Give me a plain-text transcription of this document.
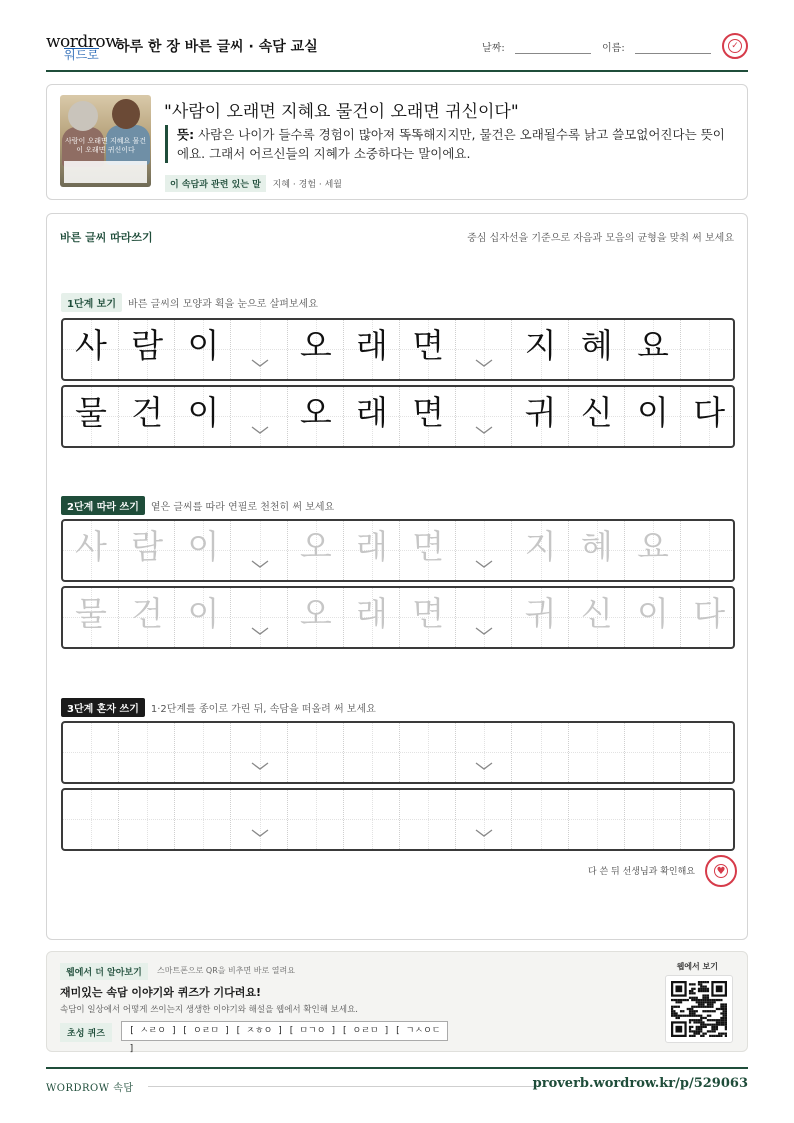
wordrow
워드로 하루 한 장 바른 글씨 · 속담 교실	날짜:	이름:	✓
사람이 오래면 지혜요 물건이 오래면 귀신이다
"사람이 오래면 지혜요 물건이 오래면 귀신이다"
뜻: 사람은 나이가 들수록 경험이 많아져 똑똑해지지만, 물건은 오래될수록 낡고 쓸모없어진다는 뜻이에요. 그래서 어르신들의 지혜가 소중하다는 말이에요.
이 속담과 관련 있는 말 지혜 · 경험 · 세월
바른 글씨 따라쓰기	중심 십자선을 기준으로 자음과 모음의 균형을 맞춰 써 보세요
1단계 보기 바른 글씨의 모양과 획을 눈으로 살펴보세요
사 람 이	오 래 면	지 혜 요
물 건 이	오 래 면	귀 신 이 다
2단계 따라 쓰기 옅은 글씨를 따라 연필로 천천히 써 보세요
사 람 이	오 래 면	지 혜 요
물 건 이	오 래 면	귀 신 이 다
3단계 혼자 쓰기 1·2단계를 종이로 가린 뒤, 속담을 떠올려 써 보세요
다 쓴 뒤 선생님과 확인해요 ♥
웹에서 더 알아보기	스마트폰으로 QR을 비추면 바로 열려요
재미있는 속담 이야기와 퀴즈가 기다려요!
속담이 일상에서 어떻게 쓰이는지 생생한 이야기와 해설을 웹에서 확인해 보세요.
초성 퀴즈	[ ㅅㄹㅇ ] [ ㅇㄹㅁ ] [ ㅈㅎㅇ ] [ ㅁㄱㅇ ] [ ㅇㄹㅁ ] [ ㄱㅅㅇㄷ ]
웹에서 보기
WORDROW 속담	proverb.wordrow.kr/p/529063
